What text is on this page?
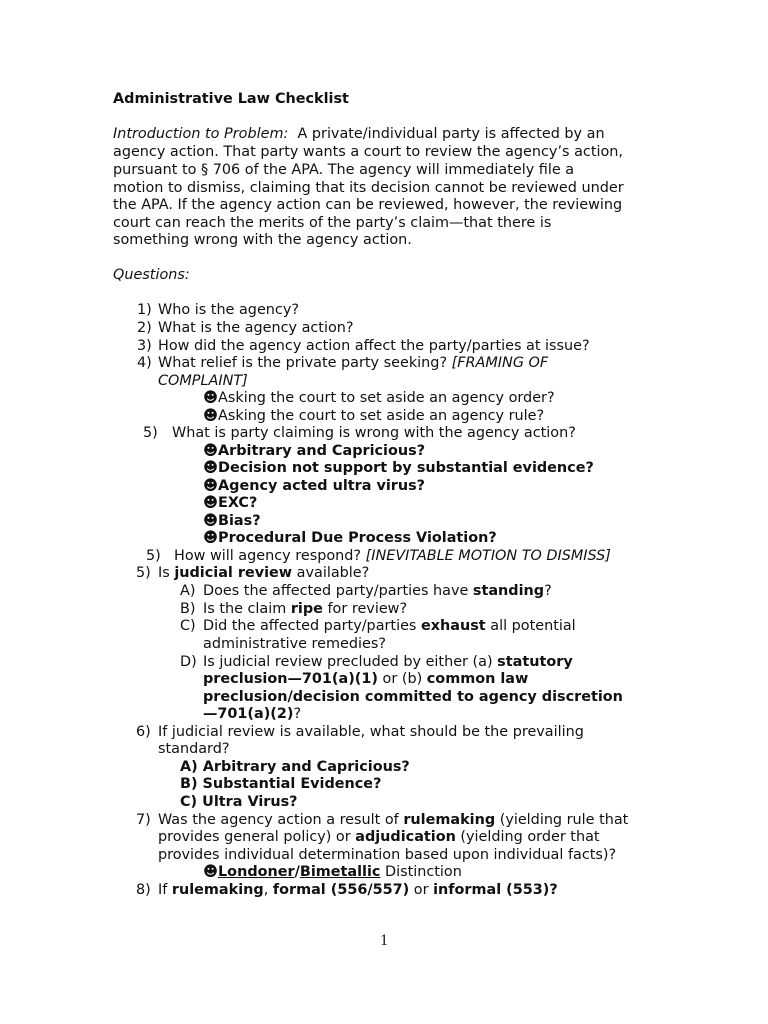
Administrative Law Checklist
Introduction to Problem: A private/individual party is affected by an
agency action. That party wants a court to review the agency’s action,
pursuant to § 706 of the APA. The agency will immediately file a
motion to dismiss, claiming that its decision cannot be reviewed under
the APA. If the agency action can be reviewed, however, the reviewing
court can reach the merits of the party’s claim—that there is
something wrong with the agency action.
Questions:
1) Who is the agency?
2) What is the agency action?
3) How did the agency action affect the party/parties at issue?
4) What relief is the private party seeking? [FRAMING OF
COMPLAINT]
☻Asking the court to set aside an agency order?
☻Asking the court to set aside an agency rule?
5) What is party claiming is wrong with the agency action?
☻Arbitrary and Capricious?
☻Decision not support by substantial evidence?
☻Agency acted ultra virus?
☻EXC?
☻Bias?
☻Procedural Due Process Violation?
5) How will agency respond? [INEVITABLE MOTION TO DISMISS]
5) Is judicial review available?
A) Does the affected party/parties have standing?
B) Is the claim ripe for review?
C) Did the affected party/parties exhaust all potential
administrative remedies?
D) Is judicial review precluded by either (a) statutory
preclusion—701(a)(1) or (b) common law
preclusion/decision committed to agency discretion
—701(a)(2)?
6) If judicial review is available, what should be the prevailing
standard?
A) Arbitrary and Capricious?
B) Substantial Evidence?
C) Ultra Virus?
7) Was the agency action a result of rulemaking (yielding rule that
provides general policy) or adjudication (yielding order that
provides individual determination based upon individual facts)?
☻Londoner/Bimetallic Distinction
8) If rulemaking, formal (556/557) or informal (553)?
1
